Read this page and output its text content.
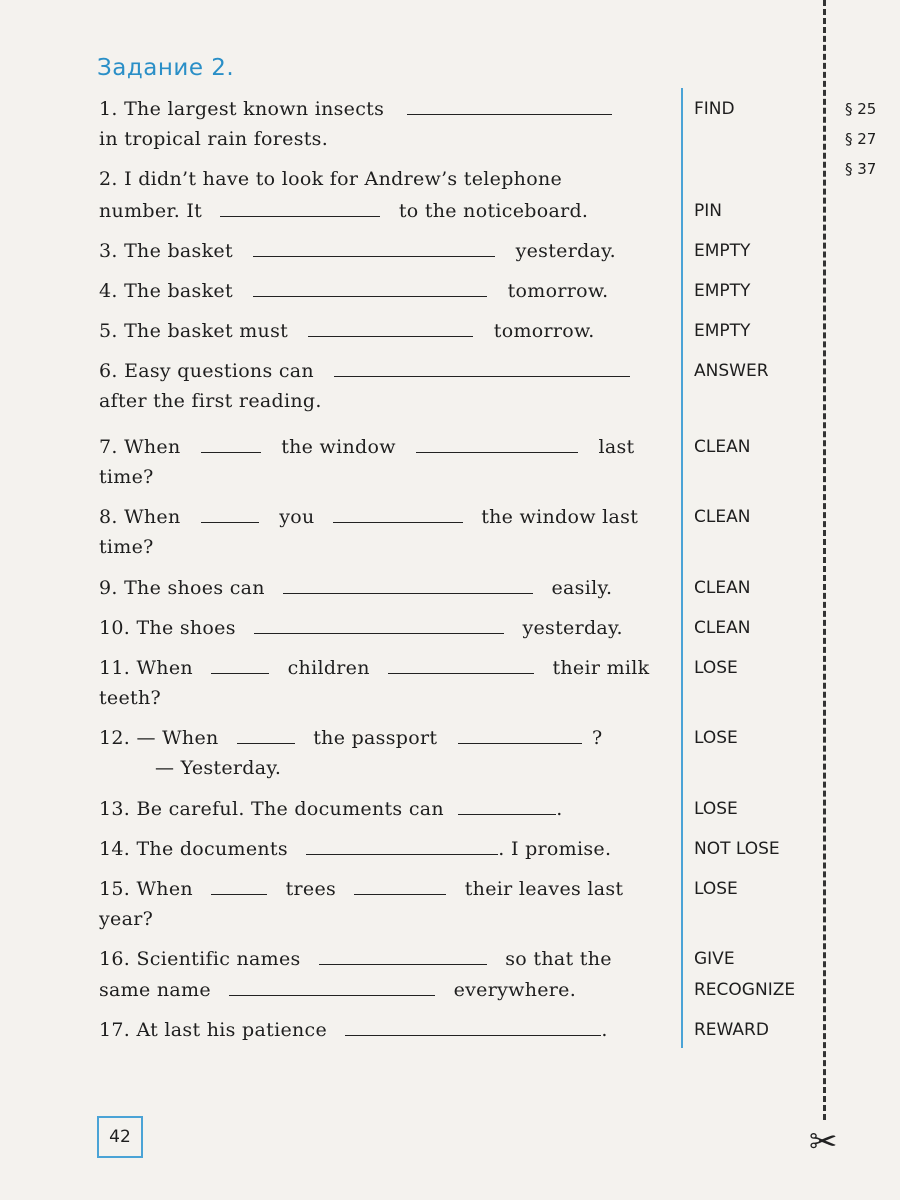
Задание 2.
§ 25
§ 27
§ 37
✂
1. The largest known insects
in tropical rain forests.
FIND
2. I didn’t have to look for Andrew’s telephone
number. It	to the noticeboard.	PIN
3. The basket	yesterday.	EMPTY
4. The basket	tomorrow.	EMPTY
5. The basket must	tomorrow.	EMPTY
6. Easy questions can
after the first reading.
ANSWER
7. When	the window	last
time?
CLEAN
8. When	you	the window last
time?
CLEAN
9. The shoes can	easily.	CLEAN
10. The shoes	yesterday.	CLEAN
11. When	children	their milk
teeth?
LOSE
12. — When	the passport	?
— Yesterday.
LOSE
13. Be careful. The documents can	.	LOSE
14. The documents	. I promise.	NOT LOSE
15. When	trees	their leaves last
year?
LOSE
16. Scientific names	so that the
same name	everywhere.
GIVE
RECOGNIZE
17. At last his patience	.	REWARD
42
